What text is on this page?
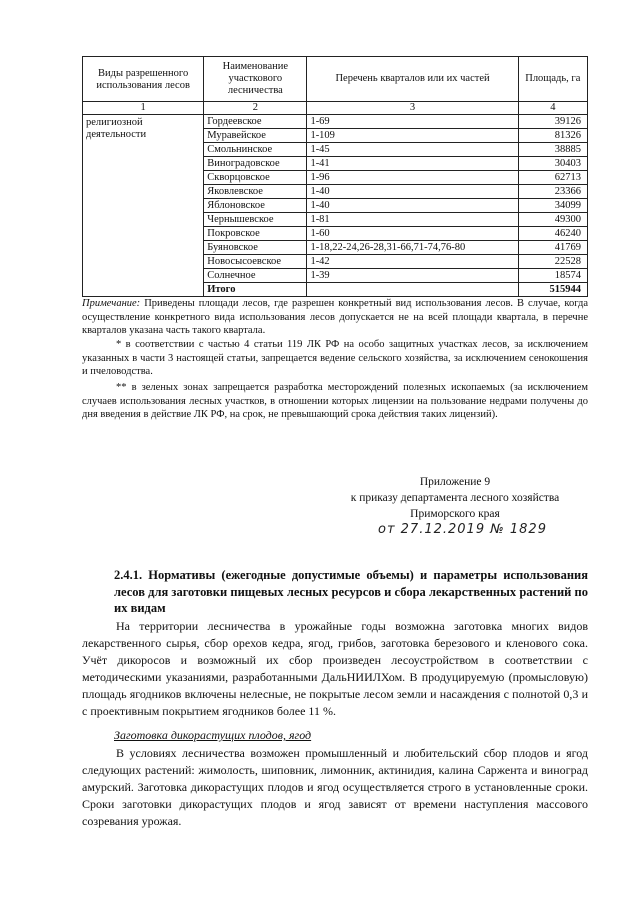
Виды разрешенного использования лесов	Наименование участкового лесничества	Перечень кварталов или их частей	Площадь, га
1	2	3	4
религиозной деятельности	Гордеевское	1-69	39126
	Муравейское	1-109	81326
	Смольнинское	1-45	38885
	Виноградовское	1-41	30403
	Скворцовское	1-96	62713
	Яковлевское	1-40	23366
	Яблоновское	1-40	34099
	Чернышевское	1-81	49300
	Покровское	1-60	46240
	Буяновское	1-18,22-24,26-28,31-66,71-74,76-80	41769
	Новосысоевское	1-42	22528
	Солнечное	1-39	18574
	Итого		515944

Примечание: Приведены площади лесов, где разрешен конкретный вид использования лесов. В случае, когда осуществление конкретного вида использования лесов допускается не на всей площади квартала, в перечне кварталов указана часть такого квартала.

* в соответствии с частью 4 статьи 119 ЛК РФ на особо защитных участках лесов, за исключением указанных в части 3 настоящей статьи, запрещается ведение сельского хозяйства, за исключением сенокошения и пчеловодства.

** в зеленых зонах запрещается разработка месторождений полезных ископаемых (за исключением случаев использования лесных участков, в отношении которых лицензии на пользование недрами получены до дня введения в действие ЛК РФ, на срок, не превышающий срока действия таких лицензий).

Приложение 9
к приказу департамента лесного хозяйства
Приморского края
от 27.12.2019 № 1829

2.4.1. Нормативы (ежегодные допустимые объемы) и параметры использования лесов для заготовки пищевых лесных ресурсов и сбора лекарственных растений по их видам

На территории лесничества в урожайные годы возможна заготовка многих видов лекарственного сырья, сбор орехов кедра, ягод, грибов, заготовка березового и кленового сока. Учёт дикоросов и возможный их сбор произведен лесоустройством в соответствии с методическими указаниями, разработанными ДальНИИЛХом. В продуцируемую (промысловую) площадь ягодников включены нелесные, не покрытые лесом земли и насаждения с полнотой 0,3 и с проективным покрытием ягодников более 11 %.

Заготовка дикорастущих плодов, ягод

В условиях лесничества возможен промышленный и любительский сбор плодов и ягод следующих растений: жимолость, шиповник, лимонник, актинидия, калина Саржента и виноград амурский. Заготовка дикорастущих плодов и ягод осуществляется строго в установленные сроки. Сроки заготовки дикорастущих плодов и ягод зависят от времени наступления массового созревания урожая.
